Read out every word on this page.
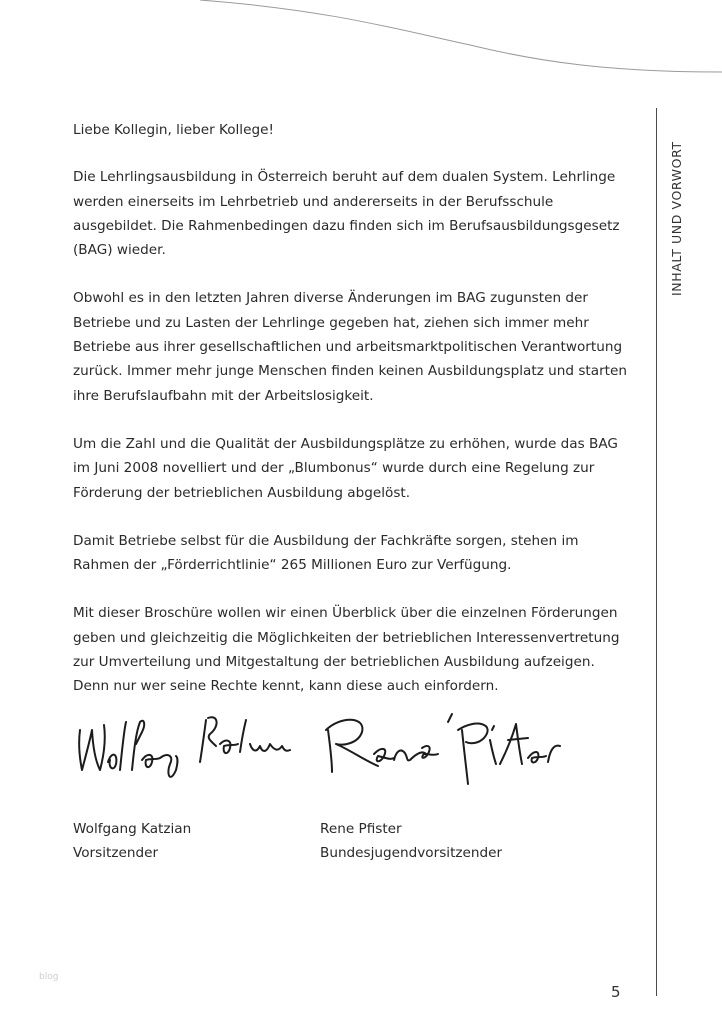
INHALT UND VORWORT

Liebe Kollegin, lieber Kollege!

Die Lehrlingsausbildung in Österreich beruht auf dem dualen System. Lehrlinge werden einerseits im Lehrbetrieb und andererseits in der Berufsschule ausgebildet. Die Rahmenbedingen dazu finden sich im Berufsausbildungsgesetz (BAG) wieder.

Obwohl es in den letzten Jahren diverse Änderungen im BAG zugunsten der Betriebe und zu Lasten der Lehrlinge gegeben hat, ziehen sich immer mehr Betriebe aus ihrer gesellschaftlichen und arbeitsmarktpolitischen Verantwortung zurück. Immer mehr junge Menschen finden keinen Ausbildungsplatz und starten ihre Berufslaufbahn mit der Arbeitslosigkeit.

Um die Zahl und die Qualität der Ausbildungsplätze zu erhöhen, wurde das BAG im Juni 2008 novelliert und der „Blumbonus“ wurde durch eine Regelung zur Förderung der betrieblichen Ausbildung abgelöst.

Damit Betriebe selbst für die Ausbildung der Fachkräfte sorgen, stehen im Rahmen der „Förderrichtlinie“ 265 Millionen Euro zur Verfügung.

Mit dieser Broschüre wollen wir einen Überblick über die einzelnen Förderungen geben und gleichzeitig die Möglichkeiten der betrieblichen Interessenvertretung zur Umverteilung und Mitgestaltung der betrieblichen Ausbildung aufzeigen. Denn nur wer seine Rechte kennt, kann diese auch einfordern.

Wolfgang Katzian
Vorsitzender
Rene Pfister
Bundesjugendvorsitzender
blog
5
